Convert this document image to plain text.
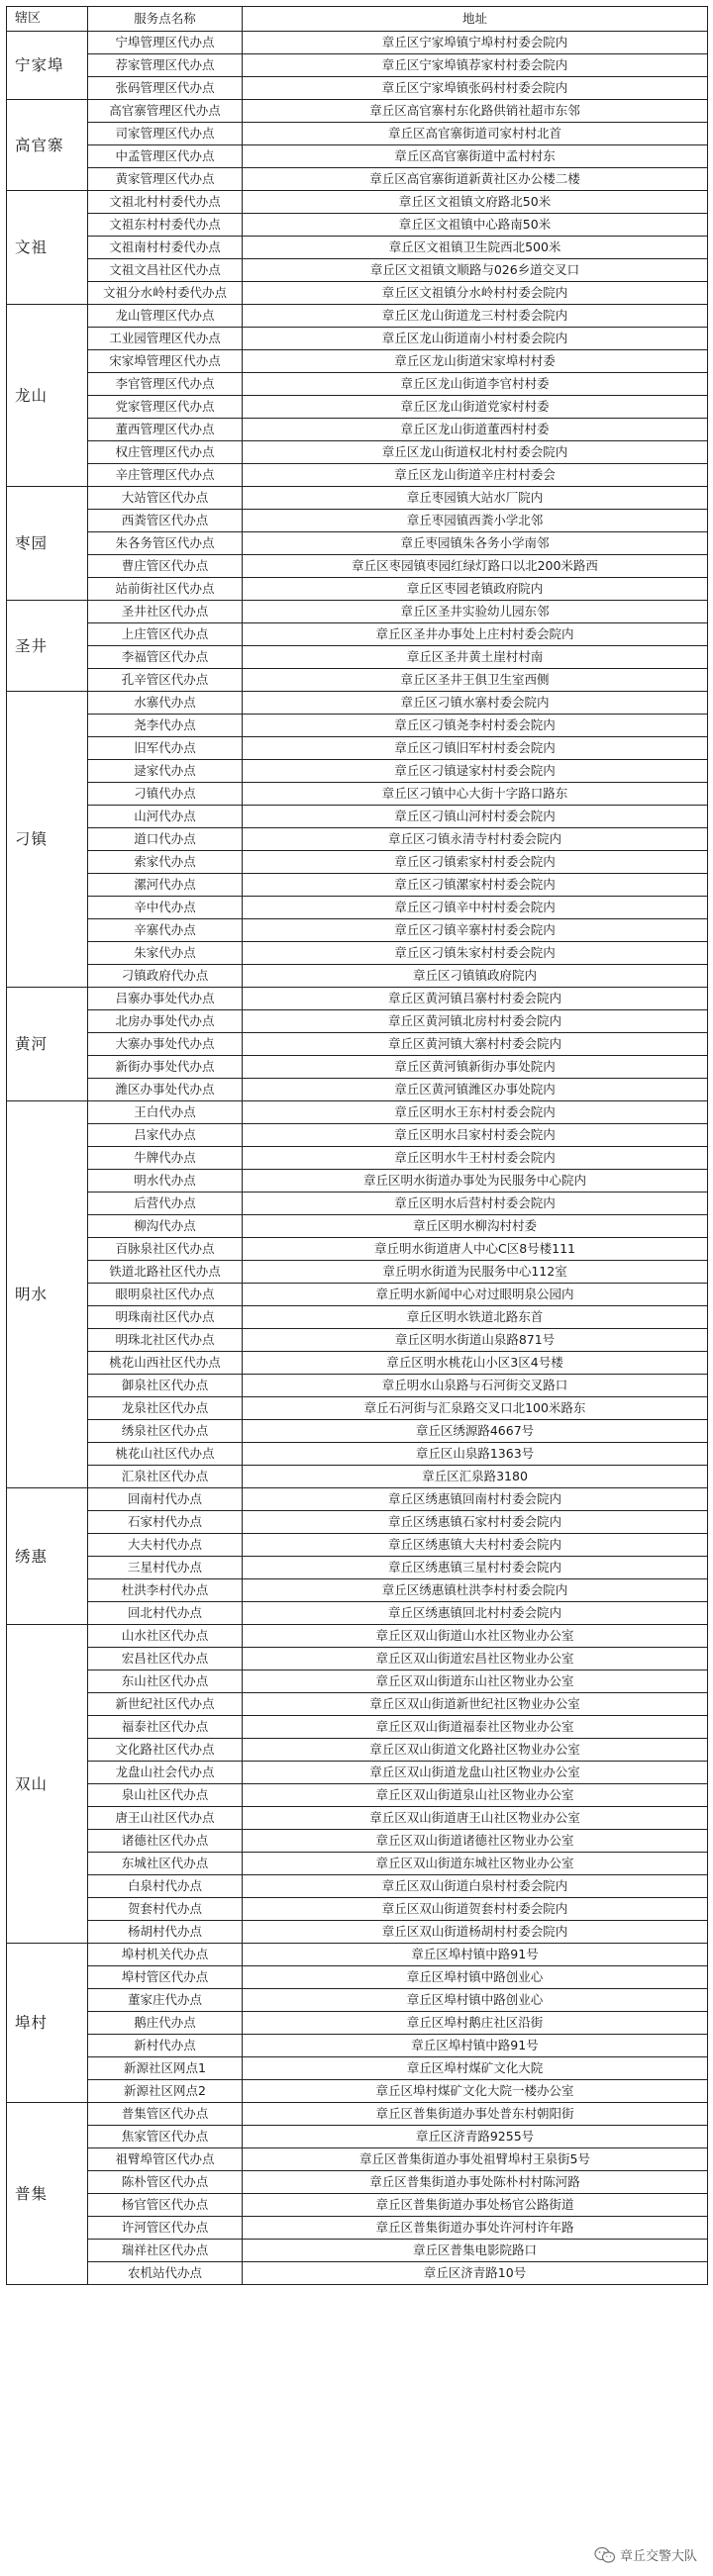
辖区	服务点名称	地址
宁家埠	宁埠管理区代办点	章丘区宁家埠镇宁埠村村委会院内
	荐家管理区代办点	章丘区宁家埠镇荐家村村委会院内
	张码管理区代办点	章丘区宁家埠镇张码村村委会院内
高官寨	高官寨管理区代办点	章丘区高官寨村东化路供销社超市东邻
	司家管理区代办点	章丘区高官寨街道司家村村北首
	中孟管理区代办点	章丘区高官寨街道中孟村村东
	黄家管理区代办点	章丘区高官寨街道新黄社区办公楼二楼
文祖	文祖北村村委代办点	章丘区文祖镇文府路北50米
	文祖东村村委代办点	章丘区文祖镇中心路南50米
	文祖南村村委代办点	章丘区文祖镇卫生院西北500米
	文祖文昌社区代办点	章丘区文祖镇文顺路与026乡道交叉口
	文祖分水岭村委代办点	章丘区文祖镇分水岭村村委会院内
龙山	龙山管理区代办点	章丘区龙山街道龙三村村委会院内
	工业园管理区代办点	章丘区龙山街道南小村村委会院内
	宋家埠管理区代办点	章丘区龙山街道宋家埠村村委
	李官管理区代办点	章丘区龙山街道李官村村委
	党家管理区代办点	章丘区龙山街道党家村村委
	董西管理区代办点	章丘区龙山街道董西村村委
	权庄管理区代办点	章丘区龙山街道权北村村委会院内
	辛庄管理区代办点	章丘区龙山街道辛庄村村委会
枣园	大站管区代办点	章丘枣园镇大站水厂院内
	西粪管区代办点	章丘枣园镇西粪小学北邻
	朱各务管区代办点	章丘枣园镇朱各务小学南邻
	曹庄管区代办点	章丘区枣园镇枣园红绿灯路口以北200米路西
	站前街社区代办点	章丘区枣园老镇政府院内
圣井	圣井社区代办点	章丘区圣井实验幼儿园东邻
	上庄管区代办点	章丘区圣井办事处上庄村村委会院内
	李福管区代办点	章丘区圣井黄土崖村村南
	孔辛管区代办点	章丘区圣井王俱卫生室西侧
刁镇	水寨代办点	章丘区刁镇水寨村委会院内
	尧李代办点	章丘区刁镇尧李村村委会院内
	旧军代办点	章丘区刁镇旧军村村委会院内
	逯家代办点	章丘区刁镇逯家村村委会院内
	刁镇代办点	章丘区刁镇中心大街十字路口路东
	山河代办点	章丘区刁镇山河村村委会院内
	道口代办点	章丘区刁镇永清寺村村委会院内
	索家代办点	章丘区刁镇索家村村委会院内
	漯河代办点	章丘区刁镇漯家村村委会院内
	辛中代办点	章丘区刁镇辛中村村委会院内
	辛寨代办点	章丘区刁镇辛寨村村委会院内
	朱家代办点	章丘区刁镇朱家村村委会院内
	刁镇政府代办点	章丘区刁镇镇政府院内
黄河	吕寨办事处代办点	章丘区黄河镇吕寨村村委会院内
	北房办事处代办点	章丘区黄河镇北房村村委会院内
	大寨办事处代办点	章丘区黄河镇大寨村村委会院内
	新街办事处代办点	章丘区黄河镇新街办事处院内
	潍区办事处代办点	章丘区黄河镇潍区办事处院内
明水	王白代办点	章丘区明水王东村村委会院内
	吕家代办点	章丘区明水吕家村村委会院内
	牛牌代办点	章丘区明水牛王村村委会院内
	明水代办点	章丘区明水街道办事处为民服务中心院内
	后营代办点	章丘区明水后营村村委会院内
	柳沟代办点	章丘区明水柳沟村村委
	百脉泉社区代办点	章丘明水街道唐人中心C区8号楼111
	铁道北路社区代办点	章丘明水街道为民服务中心112室
	眼明泉社区代办点	章丘明水新闻中心对过眼明泉公园内
	明珠南社区代办点	章丘区明水铁道北路东首
	明珠北社区代办点	章丘区明水街道山泉路871号
	桃花山西社区代办点	章丘区明水桃花山小区3区4号楼
	御泉社区代办点	章丘明水山泉路与石河街交叉路口
	龙泉社区代办点	章丘石河街与汇泉路交叉口北100米路东
	绣泉社区代办点	章丘区绣源路4667号
	桃花山社区代办点	章丘区山泉路1363号
	汇泉社区代办点	章丘区汇泉路3180
绣惠	回南村代办点	章丘区绣惠镇回南村村委会院内
	石家村代办点	章丘区绣惠镇石家村村委会院内
	大夫村代办点	章丘区绣惠镇大夫村村委会院内
	三星村代办点	章丘区绣惠镇三星村村委会院内
	杜洪李村代办点	章丘区绣惠镇杜洪李村村委会院内
	回北村代办点	章丘区绣惠镇回北村村委会院内
双山	山水社区代办点	章丘区双山街道山水社区物业办公室
	宏昌社区代办点	章丘区双山街道宏昌社区物业办公室
	东山社区代办点	章丘区双山街道东山社区物业办公室
	新世纪社区代办点	章丘区双山街道新世纪社区物业办公室
	福泰社区代办点	章丘区双山街道福泰社区物业办公室
	文化路社区代办点	章丘区双山街道文化路社区物业办公室
	龙盘山社会代办点	章丘区双山街道龙盘山社区物业办公室
	泉山社区代办点	章丘区双山街道泉山社区物业办公室
	唐王山社区代办点	章丘区双山街道唐王山社区物业办公室
	诸德社区代办点	章丘区双山街道诸德社区物业办公室
	东城社区代办点	章丘区双山街道东城社区物业办公室
	白泉村代办点	章丘区双山街道白泉村村委会院内
	贺套村代办点	章丘区双山街道贺套村村委会院内
	杨胡村代办点	章丘区双山街道杨胡村村委会院内
埠村	埠村机关代办点	章丘区埠村镇中路91号
	埠村管区代办点	章丘区埠村镇中路创业心
	董家庄代办点	章丘区埠村镇中路创业心
	鹅庄代办点	章丘区埠村鹅庄社区沿街
	新村代办点	章丘区埠村镇中路91号
	新源社区网点1	章丘区埠村煤矿文化大院
	新源社区网点2	章丘区埠村煤矿文化大院一楼办公室
普集	普集管区代办点	章丘区普集街道办事处普东村朝阳街
	焦家管区代办点	章丘区济青路9255号
	祖臂埠管区代办点	章丘区普集街道办事处祖臂埠村王泉街5号
	陈朴管区代办点	章丘区普集街道办事处陈朴村村陈河路
	杨官管区代办点	章丘区普集街道办事处杨官公路街道
	许河管区代办点	章丘区普集街道办事处许河村许年路
	瑞祥社区代办点	章丘区普集电影院路口
	农机站代办点	章丘区济青路10号
章丘交警大队
